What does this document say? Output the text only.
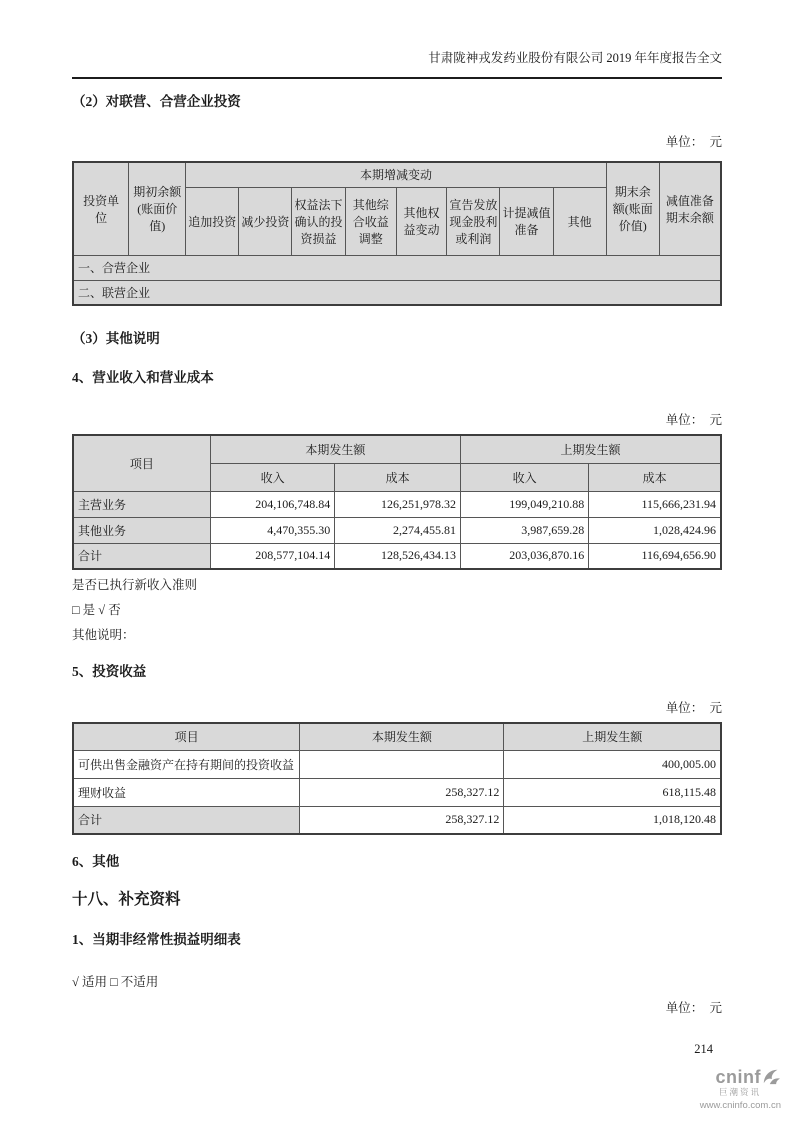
甘肃陇神戎发药业股份有限公司 2019 年年度报告全文
（2）对联营、合营企业投资
单位：　元
投资单位	期初余额(账面价值)	本期增减变动								期末余额(账面价值)	减值准备期末余额
		追加投资	减少投资	权益法下确认的投资损益	其他综合收益调整	其他权益变动	宣告发放现金股利或利润	计提减值准备	其他		
一、合营企业											
二、联营企业											
（3）其他说明
4、营业收入和营业成本
单位：　元
项目	本期发生额		上期发生额	
	收入	成本	收入	成本
主营业务	204,106,748.84	126,251,978.32	199,049,210.88	115,666,231.94
其他业务	4,470,355.30	2,274,455.81	3,987,659.28	1,028,424.96
合计	208,577,104.14	128,526,434.13	203,036,870.16	116,694,656.90
是否已执行新收入准则
□ 是 √ 否
其他说明：
5、投资收益
单位：　元
项目	本期发生额	上期发生额
可供出售金融资产在持有期间的投资收益		400,005.00
理财收益	258,327.12	618,115.48
合计	258,327.12	1,018,120.48
6、其他
十八、补充资料
1、当期非经常性损益明细表
√ 适用 □ 不适用
单位：　元
214
cninf
巨潮资讯
www.cninfo.com.cn
